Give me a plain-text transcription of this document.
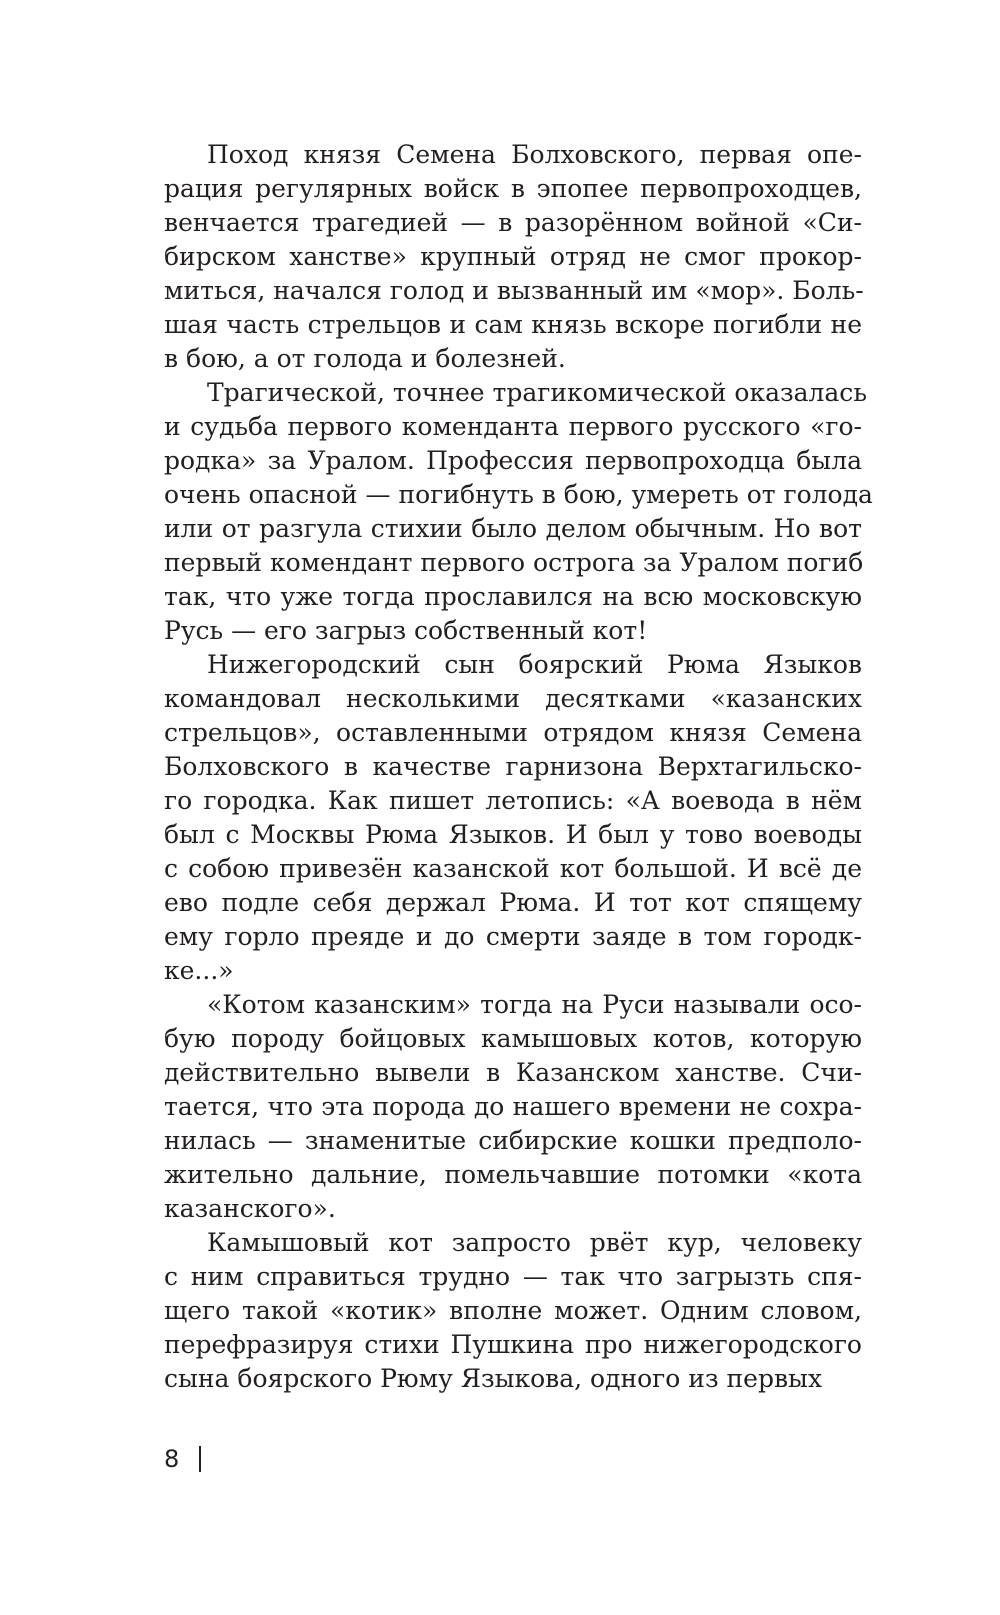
Поход князя Семена Болховского, первая опе-
рация регулярных войск в эпопее первопроходцев,
венчается трагедией — в разорённом войной «Си-
бирском ханстве» крупный отряд не смог прокор-
миться, начался голод и вызванный им «мор». Боль-
шая часть стрельцов и сам князь вскоре погибли не
в бою, а от голода и болезней.
Трагической, точнее трагикомической оказалась
и судьба первого коменданта первого русского «го-
родка» за Уралом. Профессия первопроходца была
очень опасной — погибнуть в бою, умереть от голода
или от разгула стихии было делом обычным. Но вот
первый комендант первого острога за Уралом погиб
так, что уже тогда прославился на всю московскую
Русь — его загрыз собственный кот!
Нижегородский сын боярский Рюма Языков
командовал несколькими десятками «казанских
стрельцов», оставленными отрядом князя Семена
Болховского в качестве гарнизона Верхтагильско-
го городка. Как пишет летопись: «А воевода в нём
был с Москвы Рюма Языков. И был у тово воеводы
с собою привезён казанской кот большой. И всё де
ево подле себя держал Рюма. И тот кот спящему
ему горло преяде и до смерти заяде в том городк-
ке...»
«Котом казанским» тогда на Руси называли осо-
бую породу бойцовых камышовых котов, которую
действительно вывели в Казанском ханстве. Счи-
тается, что эта порода до нашего времени не сохра-
нилась — знаменитые сибирские кошки предполо-
жительно дальние, помельчавшие потомки «кота
казанского».
Камышовый кот запросто рвёт кур, человеку
с ним справиться трудно — так что загрызть спя-
щего такой «котик» вполне может. Одним словом,
перефразируя стихи Пушкина про нижегородского
сына боярского Рюму Языкова, одного из первых
8
